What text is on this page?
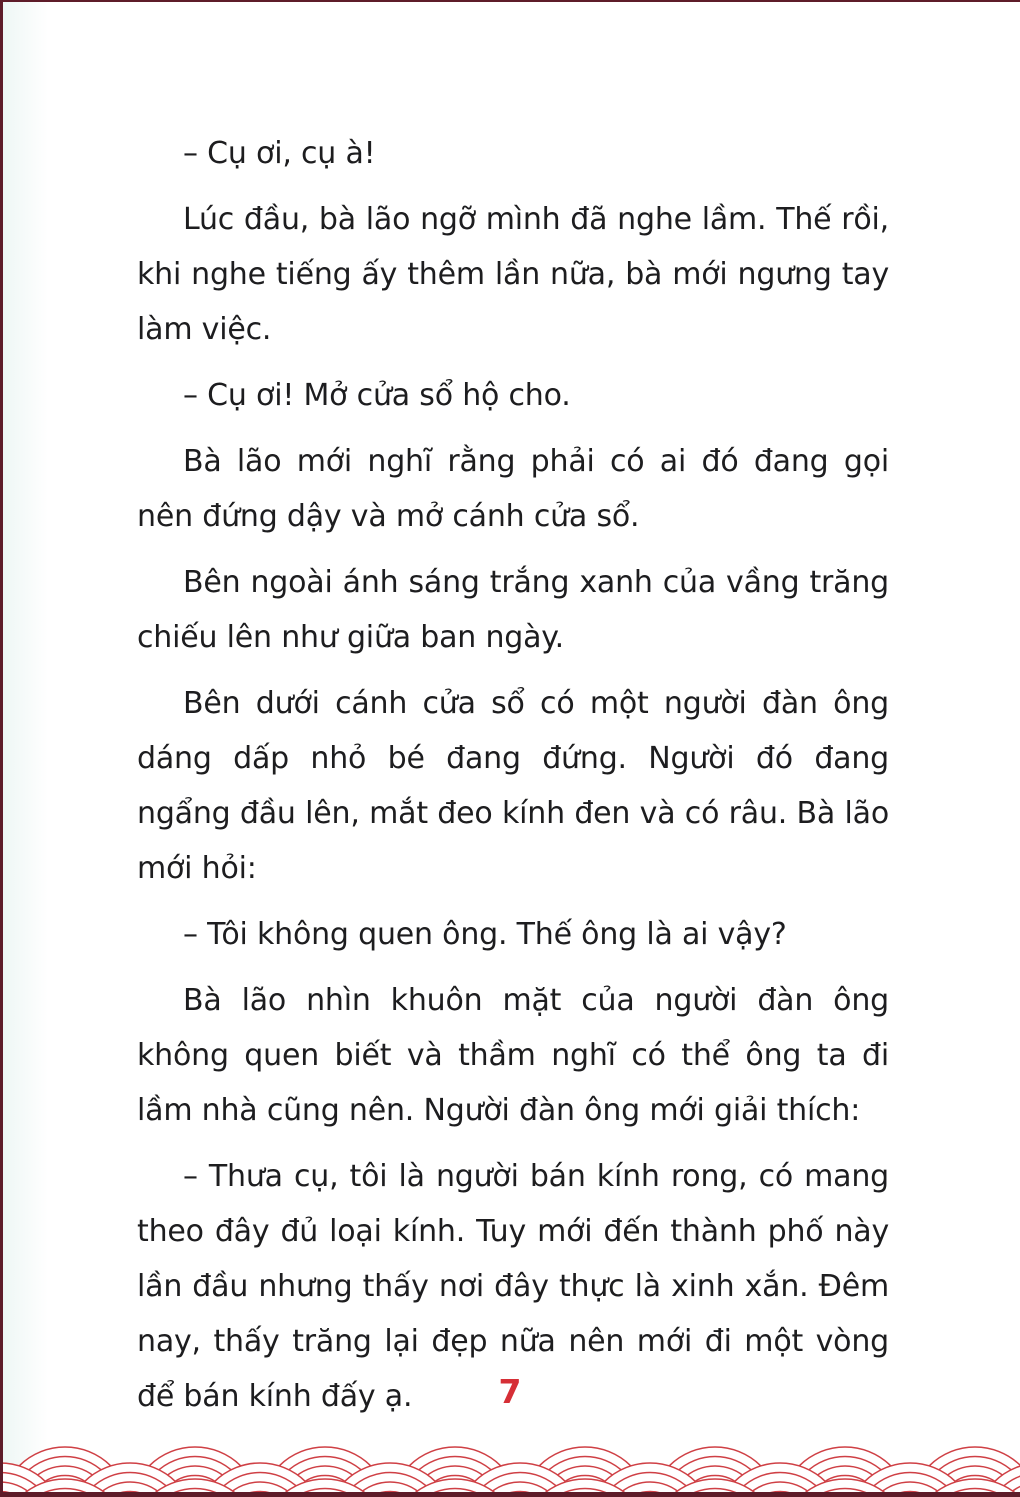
– Cụ ơi, cụ à!

Lúc đầu, bà lão ngỡ mình đã nghe lầm. Thế rồi, khi nghe tiếng ấy thêm lần nữa, bà mới ngưng tay làm việc.

– Cụ ơi! Mở cửa sổ hộ cho.

Bà lão mới nghĩ rằng phải có ai đó đang gọi nên đứng dậy và mở cánh cửa sổ.

Bên ngoài ánh sáng trắng xanh của vầng trăng chiếu lên như giữa ban ngày.

Bên dưới cánh cửa sổ có một người đàn ông dáng dấp nhỏ bé đang đứng. Người đó đang ngẩng đầu lên, mắt đeo kính đen và có râu. Bà lão mới hỏi:

– Tôi không quen ông. Thế ông là ai vậy?

Bà lão nhìn khuôn mặt của người đàn ông không quen biết và thầm nghĩ có thể ông ta đi lầm nhà cũng nên. Người đàn ông mới giải thích:

– Thưa cụ, tôi là người bán kính rong, có mang theo đây đủ loại kính. Tuy mới đến thành phố này lần đầu nhưng thấy nơi đây thực là xinh xắn. Đêm nay, thấy trăng lại đẹp nữa nên mới đi một vòng để bán kính đấy ạ.	7
